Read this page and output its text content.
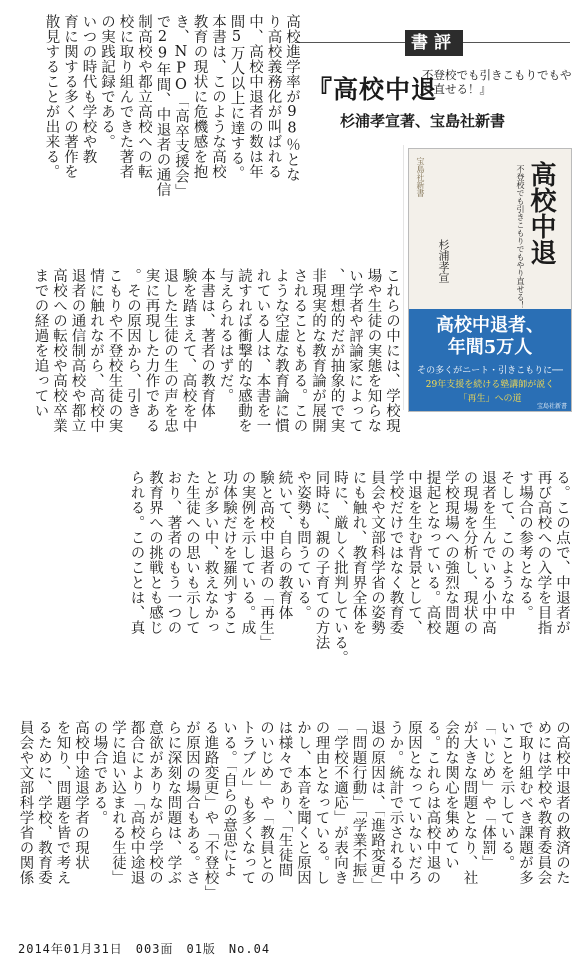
書評
『高校中退
不登校でも引きこもりでもやり直せる！』
杉浦孝宣著、宝島社新書
宝島社新書	高校中退
不登校でも引きこもりでもやり直せる！
杉浦孝宣
高校中退者、
年間5万人
その多くがニート・引きこもりに──
29年支援を続ける塾講師が説く
「再生」への道
宝島社新書
高校進学率が98％とな
り高校義務化が叫ばれる
中、高校中退者の数は年
間5万人以上に達する。
本書は、このような高校
教育の現状に危機感を抱
き、NPO「高卒支援会」
で29年間、中退者の通信
制高校や都立高校への転
校に取り組んできた著者
の実践記録である。
いつの時代も学校や教
育に関する多くの著作を
散見することが出来る。
これらの中には、学校現
場や生徒の実態を知らな
い学者や評論家によって
、理想的だが抽象的で実
非現実的な教育論が展開
されることもある。この
ような空虚な教育論に慣
れている人は、本書を一
読すれば衝撃的な感動を
与えられるはずだ。
本書は、著者の教育体
験を踏まえて、高校を中
退した生徒の生の声を忠
実に再現した力作である
。その原因から、引き
こもりや不登校生徒の実
情に触れながら、高校中
退者の通信制高校や都立
高校への転校や高校卒業
までの経過を追ってい
る。この点で、中退者が
再び高校への入学を目指
す場合の参考となる。
そして、このような中
退者を生んでいる小中高
の現場を分析し、現状の
学校現場への強烈な問題
提起となっている。高校
中退を生む背景として、
学校だけではなく教育委
員会や文部科学省の姿勢
にも触れ、教育界全体を
時に、厳しく批判している。
同時に、親の子育ての方法
や姿勢も問うている。
続いて、自らの教育体
験と高校中退者の「再生」
の実例を示している。成
功体験だけを羅列するこ
とが多い中、救えなかっ
た生徒への思いも示して
おり、著者のもう一つの
教育界への挑戦とも感じ
られる。このことは、真
の高校中退者の救済のた
めには学校や教育委員会
で取り組むべき課題が多
いことを示している。
「いじめ」や「体罰」
が大きな問題となり、社
会的な関心を集めてい
る。これらは高校中退の
原因となっていないだろ
うか。統計で示される中
退の原因は、「進路変更」
「問題行動」「学業不振」
「学校不適応」が表向き
の理由となっている。し
かし、本音を聞くと原因
は様々であり、「生徒間
のいじめ」や「教員との
トラブル」も多くなって
いる。「自らの意思によ
る進路変更」や「不登校」
が原因の場合もある。さ
らに深刻な問題は、学ぶ
意欲がありながら学校の
都合により「高校中途退
学に追い込まれる生徒」
の場合である。
高校中途退学者の現状
を知り、問題を皆で考え
るために、学校、教育委
員会や文部科学省の関係
2014年01月31日　003面　01版　No.04
